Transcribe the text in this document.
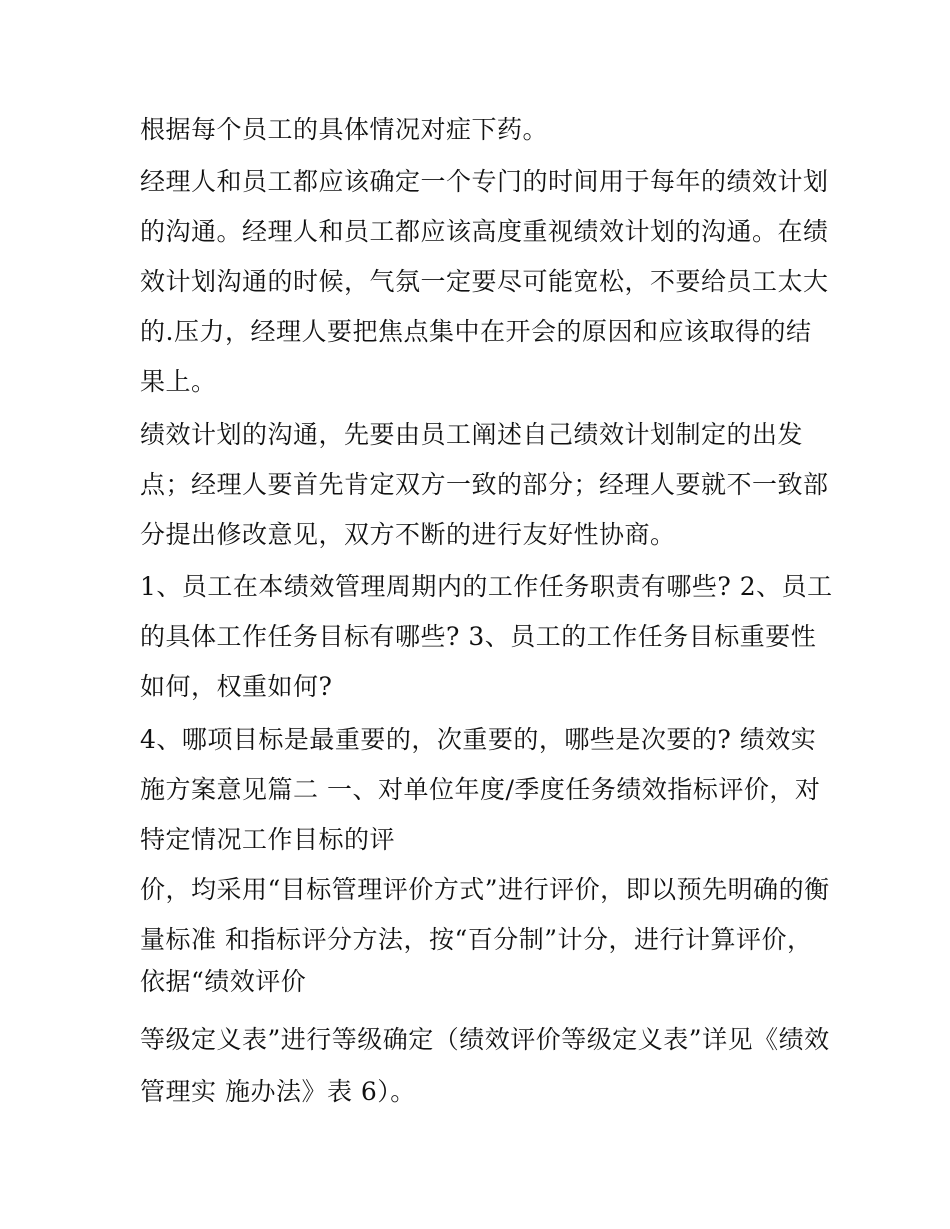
根据每个员工的具体情况对症下药。
经理人和员工都应该确定一个专门的时间用于每年的绩效计划
的沟通。经理人和员工都应该高度重视绩效计划的沟通。在绩
效计划沟通的时候，气氛一定要尽可能宽松，不要给员工太大
的.压力，经理人要把焦点集中在开会的原因和应该取得的结
果上。
绩效计划的沟通，先要由员工阐述自己绩效计划制定的出发
点；经理人要首先肯定双方一致的部分；经理人要就不一致部
分提出修改意见，双方不断的进行友好性协商。
1、员工在本绩效管理周期内的工作任务职责有哪些? 2、员工
的具体工作任务目标有哪些? 3、员工的工作任务目标重要性
如何，权重如何?
4、哪项目标是最重要的，次重要的，哪些是次要的? 绩效实
施方案意见篇二 一、对单位年度/季度任务绩效指标评价，对
特定情况工作目标的评
价，均采用“目标管理评价方式”进行评价，即以预先明确的衡
量标准 和指标评分方法，按“百分制”计分，进行计算评价，
依据“绩效评价
等级定义表”进行等级确定（绩效评价等级定义表”详见《绩效
管理实 施办法》表 6）。
